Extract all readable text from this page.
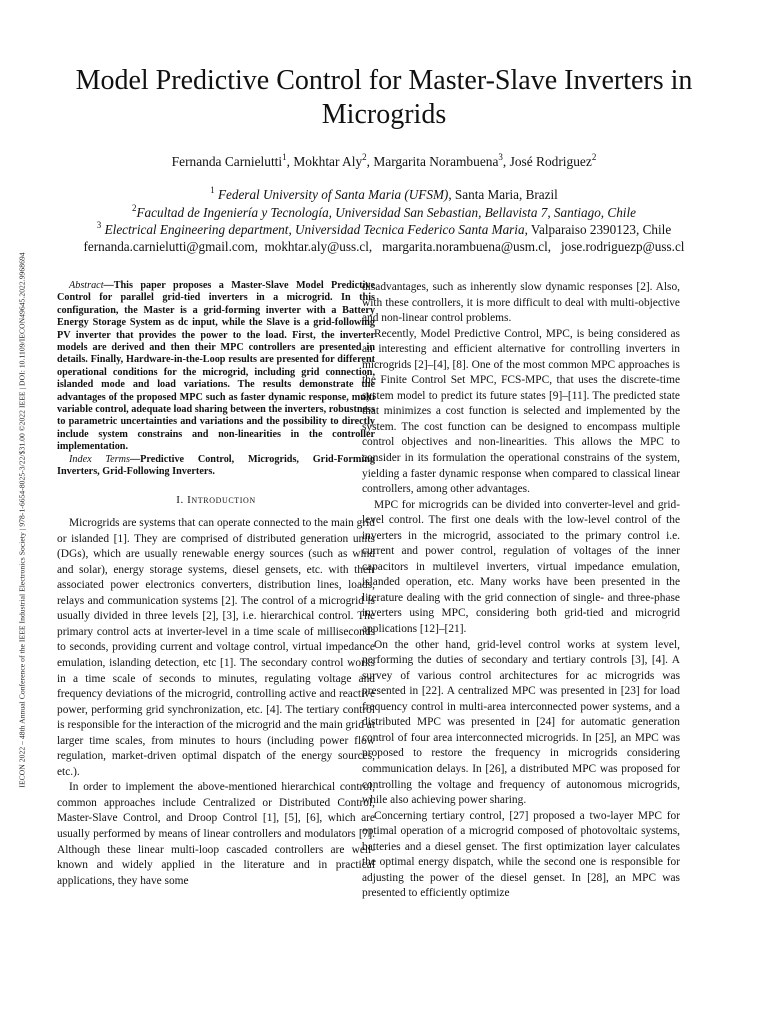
IECON 2022 – 48th Annual Conference of the IEEE Industrial Electronics Society | 978-1-6654-8025-3/22/$31.00 ©2022 IEEE | DOI: 10.1109/IECON49645.2022.9968694
Model Predictive Control for Master-Slave Inverters in Microgrids
Fernanda Carnielutti$^1$, Mokhtar Aly$^2$, Margarita Norambuena$^3$, José Rodriguez$^2$
$^1$ Federal University of Santa Maria (UFSM), Santa Maria, Brazil
$^2$Facultad de Ingeniería y Tecnología, Universidad San Sebastian, Bellavista 7, Santiago, Chile
$^3$ Electrical Engineering department, Universidad Tecnica Federico Santa Maria, Valparaiso 2390123, Chile
fernanda.carnielutti@gmail.com,  mokhtar.aly@uss.cl,   margarita.norambuena@usm.cl,   jose.rodriguezp@uss.cl

Abstract—This paper proposes a Master-Slave Model Predictive Control for parallel grid-tied inverters in a microgrid. In this configuration, the Master is a grid-forming inverter with a Battery Energy Storage System as dc input, while the Slave is a grid-following PV inverter that provides the power to the load. First, the inverter models are derived and then their MPC controllers are presented in details. Finally, Hardware-in-the-Loop results are presented for different operational conditions for the microgrid, including grid connection, islanded mode and load variations. The results demonstrate the advantages of the proposed MPC such as faster dynamic response, multi variable control, adequate load sharing between the inverters, robustness to parametric uncertainties and variations and the possibility to directly include system constrains and non-linearities in the controller implementation.

Index Terms—Predictive Control, Microgrids, Grid-Forming Inverters, Grid-Following Inverters.

I. Introduction

Microgrids are systems that can operate connected to the main grid or islanded [1]. They are comprised of distributed generation units (DGs), which are usually renewable energy sources (such as wind and solar), energy storage systems, diesel gensets, etc. with their associated power electronics converters, distribution lines, loads, relays and communication systems [2]. The control of a microgrid is usually divided in three levels [2], [3], i.e. hierarchical control. The primary control acts at inverter-level in a time scale of milliseconds to seconds, providing current and voltage control, virtual impedance emulation, islanding detection, etc [1]. The secondary control works in a time scale of seconds to minutes, regulating voltage and frequency deviations of the microgrid, controlling active and reactive power, performing grid synchronization, etc. [4]. The tertiary control is responsible for the interaction of the microgrid and the main grid at larger time scales, from minutes to hours (including power flow regulation, market-driven optimal dispatch of the energy sources, etc.).

In order to implement the above-mentioned hierarchical control, common approaches include Centralized or Distributed Control, Master-Slave Control, and Droop Control [1], [5], [6], which are usually performed by means of linear controllers and modulators [7]. Although these linear multi-loop cascaded controllers are well-known and widely applied in the literature and in practical applications, they have some

disadvantages, such as inherently slow dynamic responses [2]. Also, with these controllers, it is more difficult to deal with multi-objective and non-linear control problems.

Recently, Model Predictive Control, MPC, is being considered as an interesting and efficient alternative for controlling inverters in microgrids [2]–[4], [8]. One of the most common MPC approaches is the Finite Control Set MPC, FCS-MPC, that uses the discrete-time system model to predict its future states [9]–[11]. The predicted state that minimizes a cost function is selected and implemented by the system. The cost function can be designed to encompass multiple control objectives and non-linearities. This allows the MPC to consider in its formulation the operational constrains of the system, yielding a faster dynamic response when compared to classical linear controllers, among other advantages.

MPC for microgrids can be divided into converter-level and grid-level control. The first one deals with the low-level control of the inverters in the microgrid, associated to the primary control i.e. current and power control, regulation of voltages of the inner capacitors in multilevel inverters, virtual impedance emulation, islanded operation, etc. Many works have been presented in the literature dealing with the grid connection of single- and three-phase inverters using MPC, considering both grid-tied and microgrid applications [12]–[21].

On the other hand, grid-level control works at system level, performing the duties of secondary and tertiary controls [3], [4]. A survey of various control architectures for ac microgrids was presented in [22]. A centralized MPC was presented in [23] for load frequency control in multi-area interconnected power systems, and a distributed MPC was presented in [24] for automatic generation control of four area interconnected microgrids. In [25], an MPC was proposed to restore the frequency in microgrids considering communication delays. In [26], a distributed MPC was proposed for controlling the voltage and frequency of autonomous microgrids, while also achieving power sharing.

Concerning tertiary control, [27] proposed a two-layer MPC for optimal operation of a microgrid composed of photovoltaic systems, batteries and a diesel genset. The first optimization layer calculates the optimal energy dispatch, while the second one is responsible for adjusting the power of the diesel genset. In [28], an MPC was presented to efficiently optimize
